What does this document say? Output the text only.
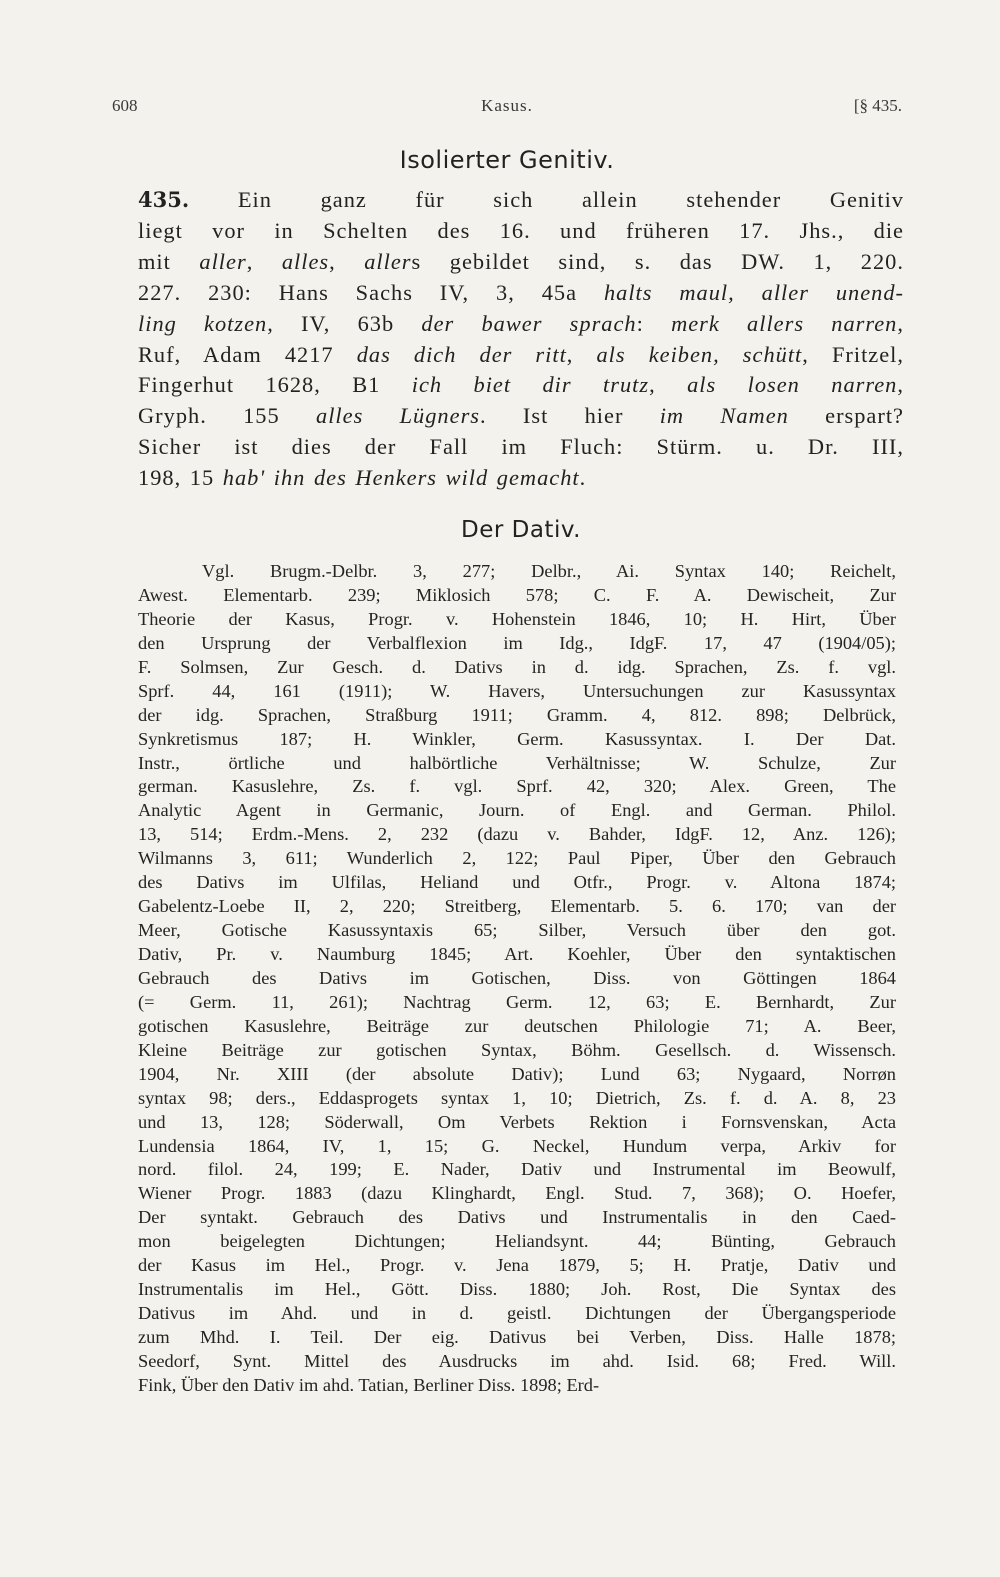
608	Kasus.	[§ 435.
Isolierter Genitiv.
435. Ein ganz für sich allein stehender Genitiv
liegt vor in Schelten des 16. und früheren 17. Jhs., die
mit aller, alles, allers gebildet sind, s. das DW. 1, 220.
227. 230: Hans Sachs IV, 3, 45a halts maul, aller unend-
ling kotzen, IV, 63b der bawer sprach: merk allers narren,
Ruf, Adam 4217 das dich der ritt, als keiben, schütt, Fritzel,
Fingerhut 1628, B1 ich biet dir trutz, als losen narren,
Gryph. 155 alles Lügners. Ist hier im Namen erspart?
Sicher ist dies der Fall im Fluch: Stürm. u. Dr. III,
198, 15 hab' ihn des Henkers wild gemacht.
Der Dativ.
Vgl. Brugm.-Delbr. 3, 277; Delbr., Ai. Syntax 140; Reichelt,
Awest. Elementarb. 239; Miklosich 578; C. F. A. Dewischeit, Zur
Theorie der Kasus, Progr. v. Hohenstein 1846, 10; H. Hirt, Über
den Ursprung der Verbalflexion im Idg., IdgF. 17, 47 (1904/05);
F. Solmsen, Zur Gesch. d. Dativs in d. idg. Sprachen, Zs. f. vgl.
Sprf. 44, 161 (1911); W. Havers, Untersuchungen zur Kasussyntax
der idg. Sprachen, Straßburg 1911; Gramm. 4, 812. 898; Delbrück,
Synkretismus 187; H. Winkler, Germ. Kasussyntax. I. Der Dat.
Instr., örtliche und halbörtliche Verhältnisse; W. Schulze, Zur
german. Kasuslehre, Zs. f. vgl. Sprf. 42, 320; Alex. Green, The
Analytic Agent in Germanic, Journ. of Engl. and German. Philol.
13, 514; Erdm.-Mens. 2, 232 (dazu v. Bahder, IdgF. 12, Anz. 126);
Wilmanns 3, 611; Wunderlich 2, 122; Paul Piper, Über den Gebrauch
des Dativs im Ulfilas, Heliand und Otfr., Progr. v. Altona 1874;
Gabelentz-Loebe II, 2, 220; Streitberg, Elementarb. 5. 6. 170; van der
Meer, Gotische Kasussyntaxis 65; Silber, Versuch über den got.
Dativ, Pr. v. Naumburg 1845; Art. Koehler, Über den syntaktischen
Gebrauch des Dativs im Gotischen, Diss. von Göttingen 1864
(= Germ. 11, 261); Nachtrag Germ. 12, 63; E. Bernhardt, Zur
gotischen Kasuslehre, Beiträge zur deutschen Philologie 71; A. Beer,
Kleine Beiträge zur gotischen Syntax, Böhm. Gesellsch. d. Wissensch.
1904, Nr. XIII (der absolute Dativ); Lund 63; Nygaard, Norrøn
syntax 98; ders., Eddasprogets syntax 1, 10; Dietrich, Zs. f. d. A. 8, 23
und 13, 128; Söderwall, Om Verbets Rektion i Fornsvenskan, Acta
Lundensia 1864, IV, 1, 15; G. Neckel, Hundum verpa, Arkiv for
nord. filol. 24, 199; E. Nader, Dativ und Instrumental im Beowulf,
Wiener Progr. 1883 (dazu Klinghardt, Engl. Stud. 7, 368); O. Hoefer,
Der syntakt. Gebrauch des Dativs und Instrumentalis in den Caed-
mon beigelegten Dichtungen; Heliandsynt. 44; Bünting, Gebrauch
der Kasus im Hel., Progr. v. Jena 1879, 5; H. Pratje, Dativ und
Instrumentalis im Hel., Gött. Diss. 1880; Joh. Rost, Die Syntax des
Dativus im Ahd. und in d. geistl. Dichtungen der Übergangsperiode
zum Mhd. I. Teil. Der eig. Dativus bei Verben, Diss. Halle 1878;
Seedorf, Synt. Mittel des Ausdrucks im ahd. Isid. 68; Fred. Will.
Fink, Über den Dativ im ahd. Tatian, Berliner Diss. 1898; Erd-
